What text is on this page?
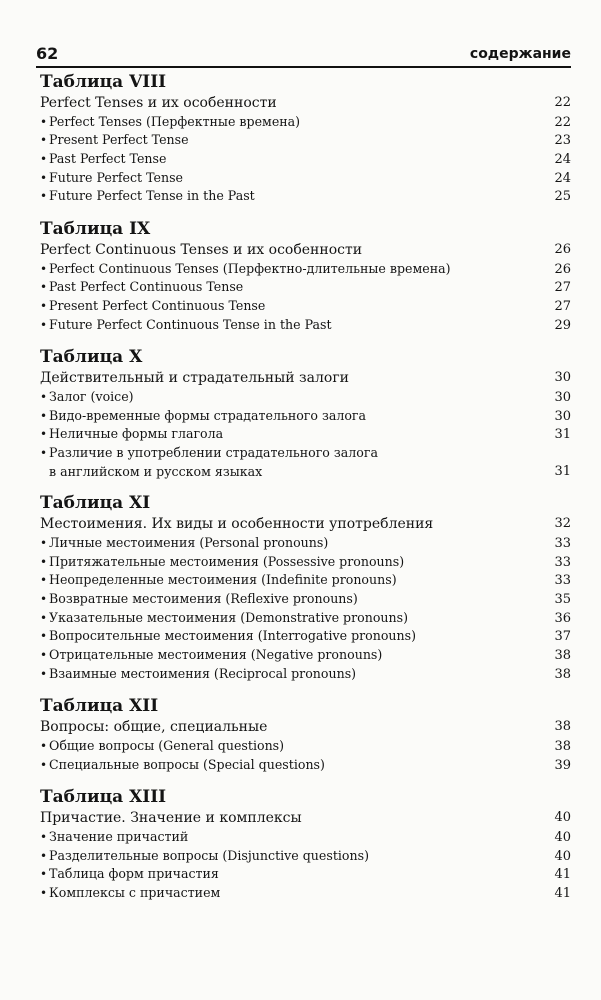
62	содержание
Таблица VIII
Perfect Tenses и их особенности	22
• Perfect Tenses (Перфектные времена)	22
• Present Perfect Tense	23
• Past Perfect Tense	24
• Future Perfect Tense	24
• Future Perfect Tense in the Past	25
Таблица IX
Perfect Continuous Tenses и их особенности	26
• Perfect Continuous Tenses (Перфектно-длительные времена)	26
• Past Perfect Continuous Tense	27
• Present Perfect Continuous Tense	27
• Future Perfect Continuous Tense in the Past	29
Таблица X
Действительный и страдательный залоги	30
• Залог (voice)	30
• Видо-временные формы страдательного залога	30
• Неличные формы глагола	31
• Различие в употреблении страдательного залога
в английском и русском языках	31
Таблица XI
Местоимения. Их виды и особенности употребления	32
• Личные местоимения (Personal pronouns)	33
• Притяжательные местоимения (Possessive pronouns)	33
• Неопределенные местоимения (Indefinite pronouns)	33
• Возвратные местоимения (Reflexive pronouns)	35
• Указательные местоимения (Demonstrative pronouns)	36
• Вопросительные местоимения (Interrogative pronouns)	37
• Отрицательные местоимения (Negative pronouns)	38
• Взаимные местоимения (Reciprocal pronouns)	38
Таблица XII
Вопросы: общие, специальные	38
• Общие вопросы (General questions)	38
• Специальные вопросы (Special questions)	39
Таблица XIII
Причастие. Значение и комплексы	40
• Значение причастий	40
• Разделительные вопросы (Disjunctive questions)	40
• Таблица форм причастия	41
• Комплексы с причастием	41
